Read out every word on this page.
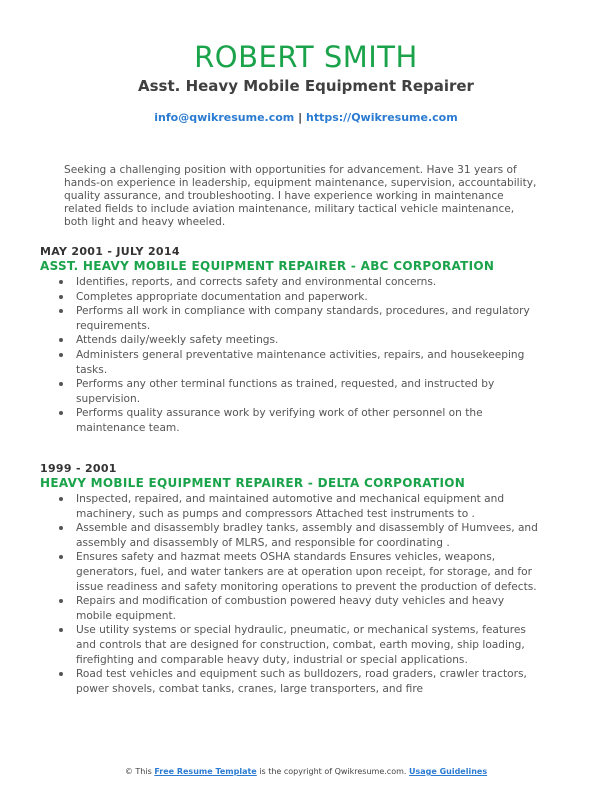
ROBERT SMITH
Asst. Heavy Mobile Equipment Repairer
info@qwikresume.com | https://Qwikresume.com
Seeking a challenging position with opportunities for advancement. Have 31 years of hands-on experience in leadership, equipment maintenance, supervision, accountability, quality assurance, and troubleshooting. I have experience working in maintenance related fields to include aviation maintenance, military tactical vehicle maintenance, both light and heavy wheeled.
MAY 2001 - JULY 2014
ASST. HEAVY MOBILE EQUIPMENT REPAIRER - ABC CORPORATION
Identifies, reports, and corrects safety and environmental concerns.
Completes appropriate documentation and paperwork.
Performs all work in compliance with company standards, procedures, and regulatory requirements.
Attends daily/weekly safety meetings.
Administers general preventative maintenance activities, repairs, and housekeeping tasks.
Performs any other terminal functions as trained, requested, and instructed by supervision.
Performs quality assurance work by verifying work of other personnel on the maintenance team.
1999 - 2001
HEAVY MOBILE EQUIPMENT REPAIRER - DELTA CORPORATION
Inspected, repaired, and maintained automotive and mechanical equipment and machinery, such as pumps and compressors Attached test instruments to .
Assemble and disassembly bradley tanks, assembly and disassembly of Humvees, and assembly and disassembly of MLRS, and responsible for coordinating .
Ensures safety and hazmat meets OSHA standards Ensures vehicles, weapons, generators, fuel, and water tankers are at operation upon receipt, for storage, and for issue readiness and safety monitoring operations to prevent the production of defects.
Repairs and modification of combustion powered heavy duty vehicles and heavy mobile equipment.
Use utility systems or special hydraulic, pneumatic, or mechanical systems, features and controls that are designed for construction, combat, earth moving, ship loading, firefighting and comparable heavy duty, industrial or special applications.
Road test vehicles and equipment such as bulldozers, road graders, crawler tractors, power shovels, combat tanks, cranes, large transporters, and fire
© This Free Resume Template is the copyright of Qwikresume.com. Usage Guidelines
